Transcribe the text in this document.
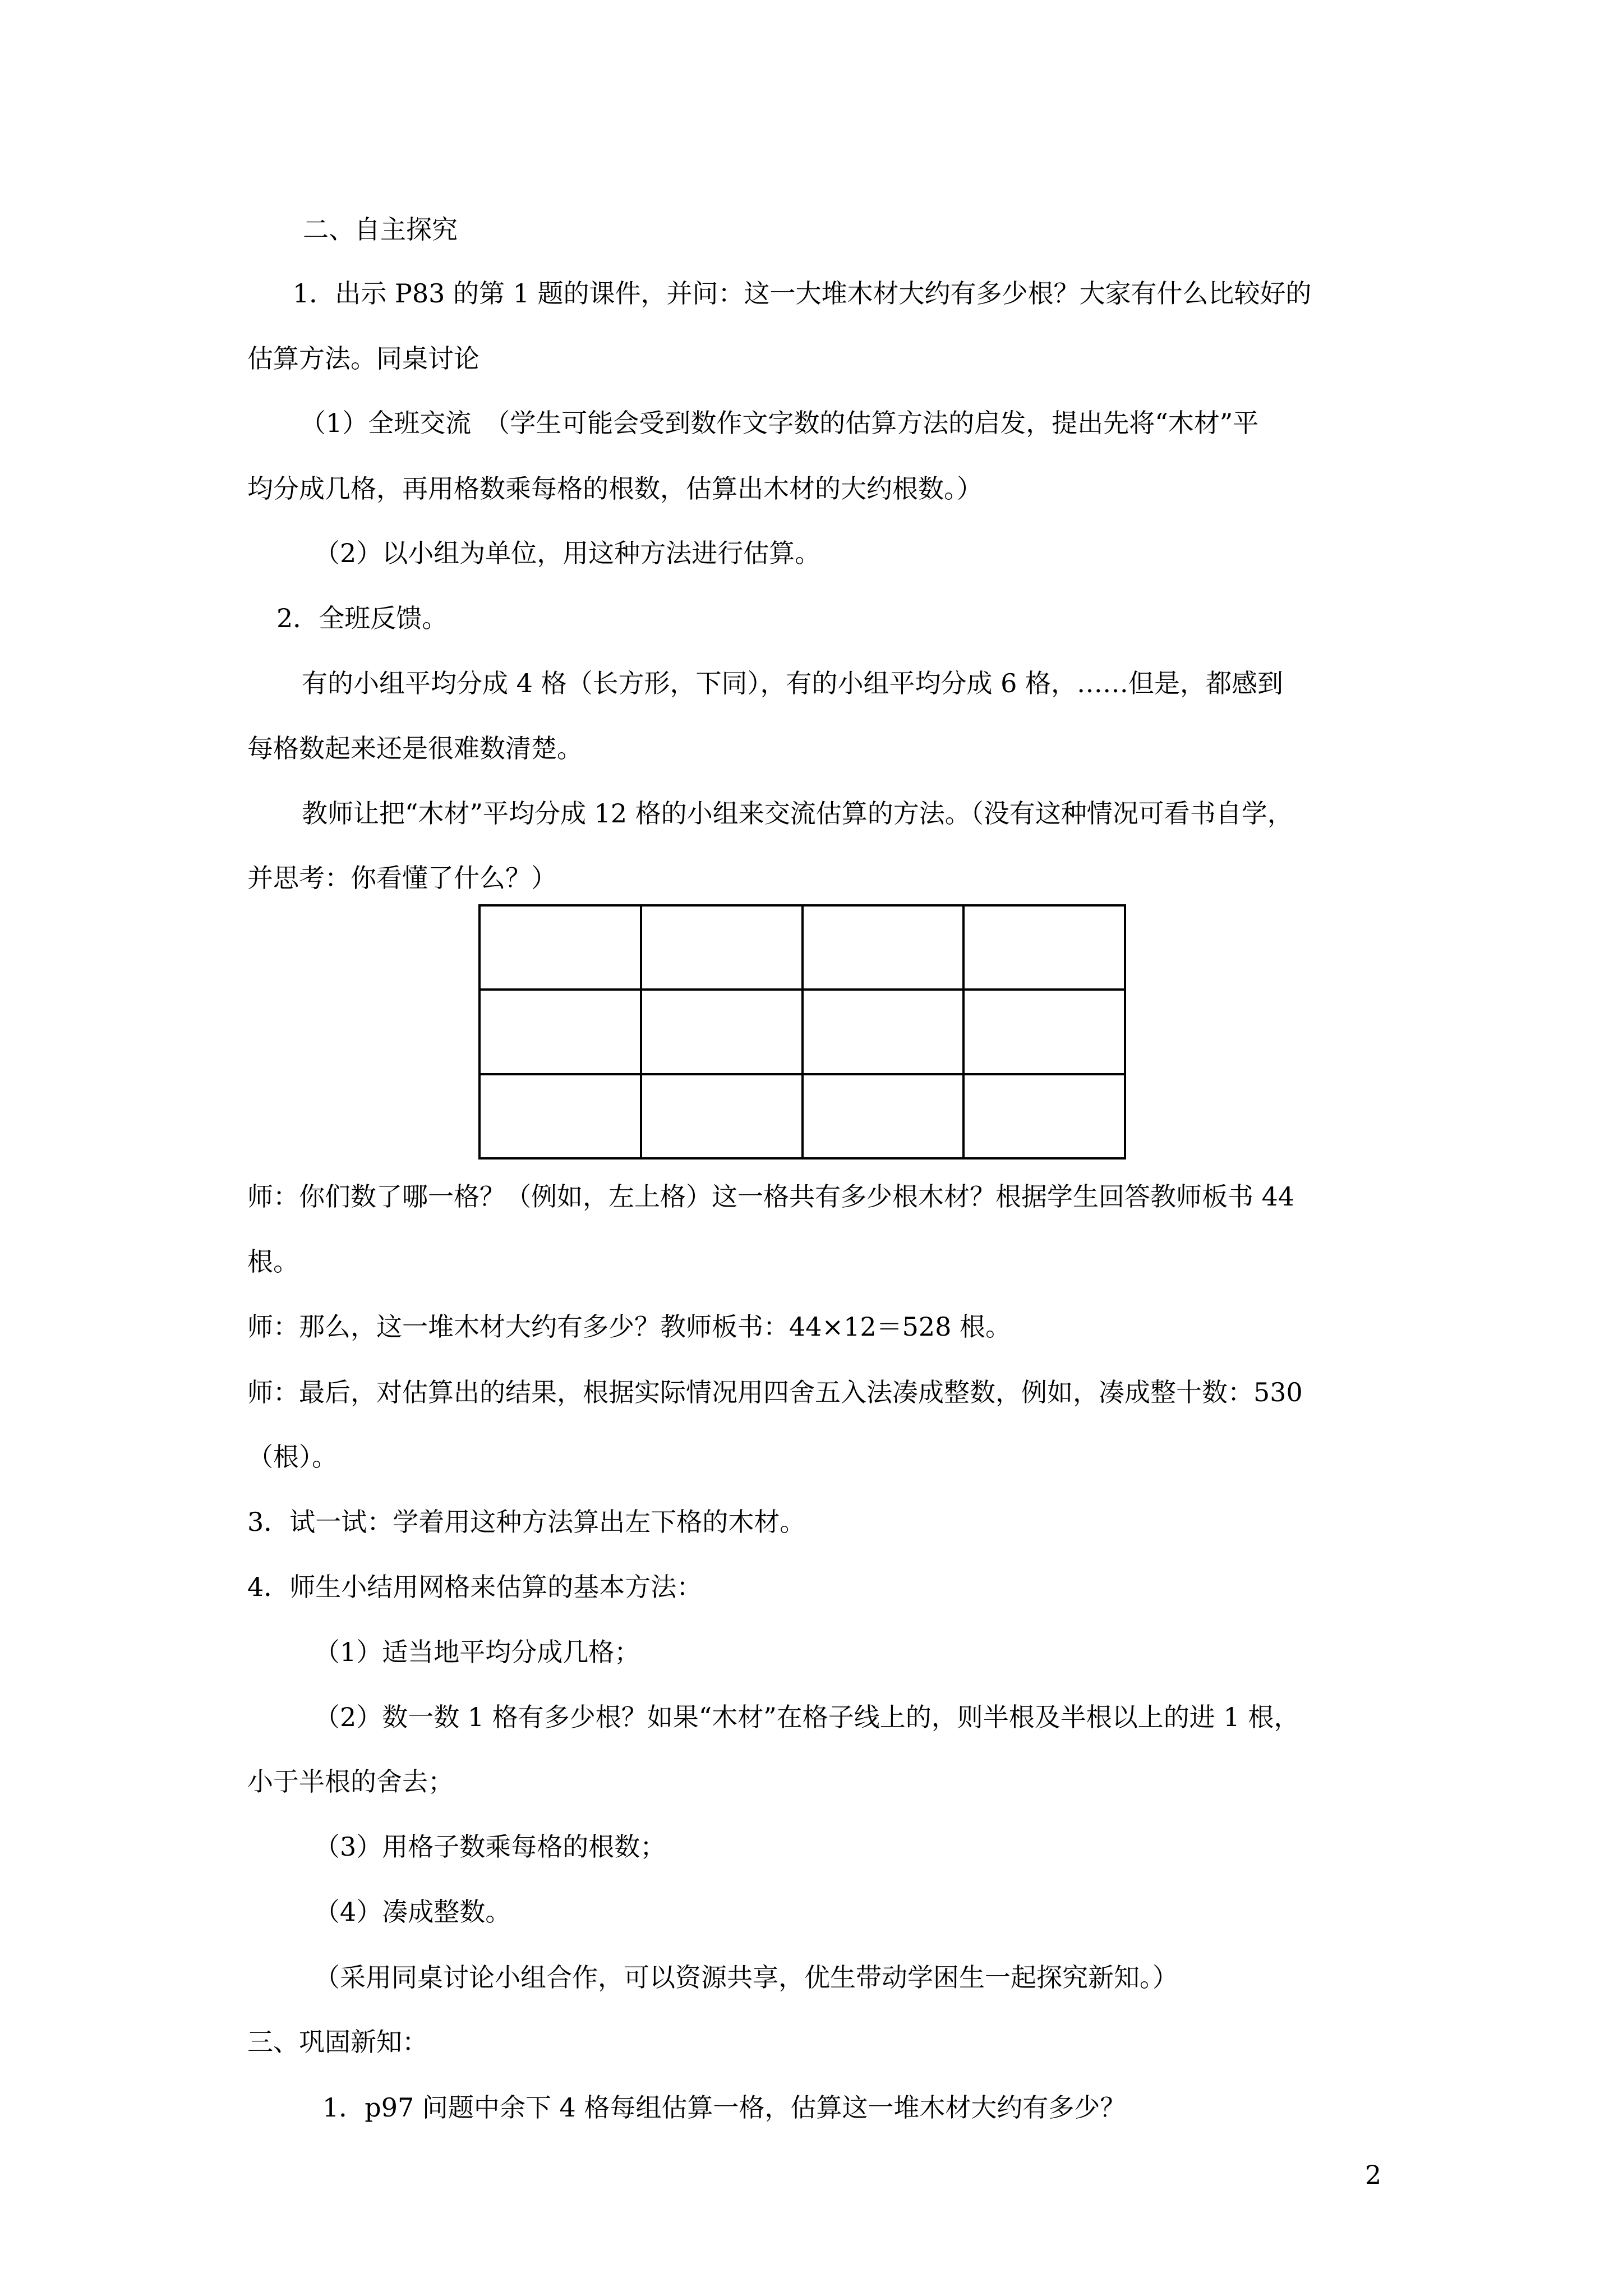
二、自主探究
1．出示 P83 的第 1 题的课件，并问：这一大堆木材大约有多少根？大家有什么比较好的
估算方法。同桌讨论
（1）全班交流　（学生可能会受到数作文字数的估算方法的启发，提出先将“木材”平
均分成几格，再用格数乘每格的根数，估算出木材的大约根数。）
（2）以小组为单位，用这种方法进行估算。
2．全班反馈。
有的小组平均分成 4 格（长方形，下同），有的小组平均分成 6 格，……但是，都感到
每格数起来还是很难数清楚。
教师让把“木材”平均分成 12 格的小组来交流估算的方法。（没有这种情况可看书自学，
并思考：你看懂了什么？）

师：你们数了哪一格？（例如，左上格）这一格共有多少根木材？根据学生回答教师板书 44
根。
师：那么，这一堆木材大约有多少？教师板书：44×12＝528 根。
师：最后，对估算出的结果，根据实际情况用四舍五入法凑成整数，例如，凑成整十数：530
（根）。
3．试一试：学着用这种方法算出左下格的木材。
4．师生小结用网格来估算的基本方法：
（1）适当地平均分成几格；
（2）数一数 1 格有多少根？如果“木材”在格子线上的，则半根及半根以上的进 1 根，
小于半根的舍去；
（3）用格子数乘每格的根数；
（4）凑成整数。
（采用同桌讨论小组合作，可以资源共享，优生带动学困生一起探究新知。）
三、巩固新知：
1．p97 问题中余下 4 格每组估算一格，估算这一堆木材大约有多少？
2
